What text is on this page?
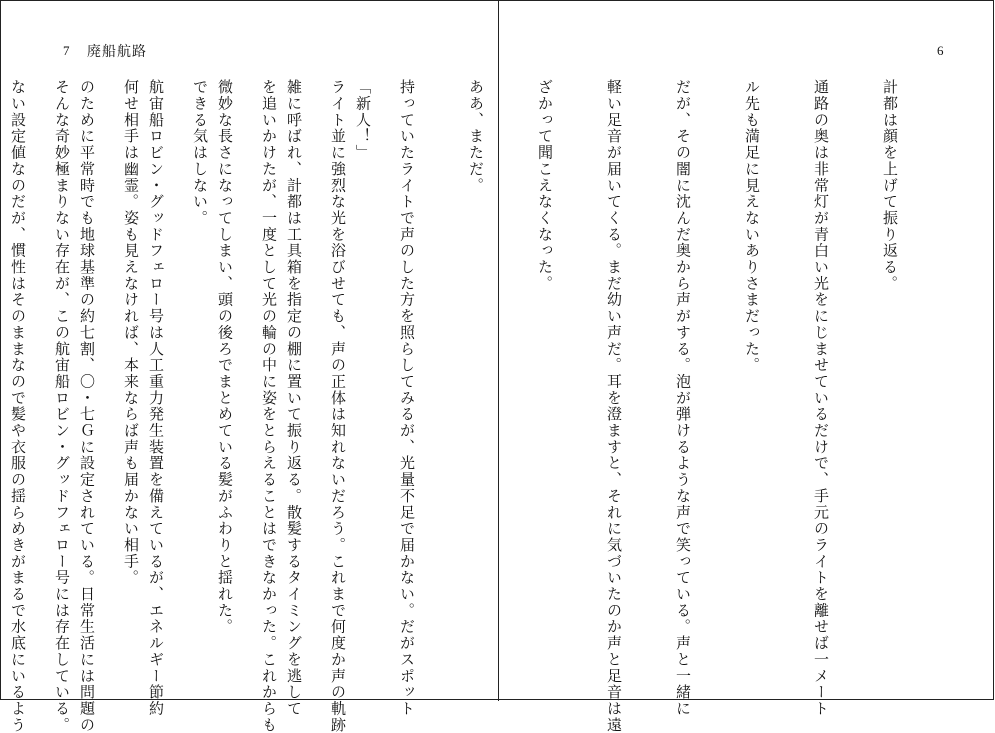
7 廃船航路

「新人！」

雑に呼ばれ、計都は工具箱を指定の棚に置いて振り返る。散髪するタイミングを逃して

微妙な長さになってしまい、頭の後ろでまとめている髪がふわりと揺れた。

航宙船ロビン・グッドフェロー号は人工重力発生装置を備えているが、エネルギー節約

のために平常時でも地球基準の約七割、〇・七Ｇに設定されている。日常生活には問題の

ない設定値なのだが、慣性はそのままなので髪や衣服の揺らめきがまるで水底にいるよう

6

計都は顔を上げて振り返る。

通路の奥は非常灯が青白い光をにじませているだけで、手元のライトを離せば一メート

ル先も満足に見えないありさまだった。

だが、その闇に沈んだ奥から声がする。泡が弾けるような声で笑っている。声と一緒に

軽い足音が届いてくる。まだ幼い声だ。耳を澄ますと、それに気づいたのか声と足音は遠

ざかって聞こえなくなった。

ああ、まただ。

持っていたライトで声のした方を照らしてみるが、光量不足で届かない。だがスポット

ライト並に強烈な光を浴びせても、声の正体は知れないだろう。これまで何度か声の軌跡

を追いかけたが、一度として光の輪の中に姿をとらえることはできなかった。これからも

できる気はしない。

何せ相手は幽霊。姿も見えなければ、本来ならば声も届かない相手。

そんな奇妙極まりない存在が、この航宙船ロビン・グッドフェロー号には存在している。
